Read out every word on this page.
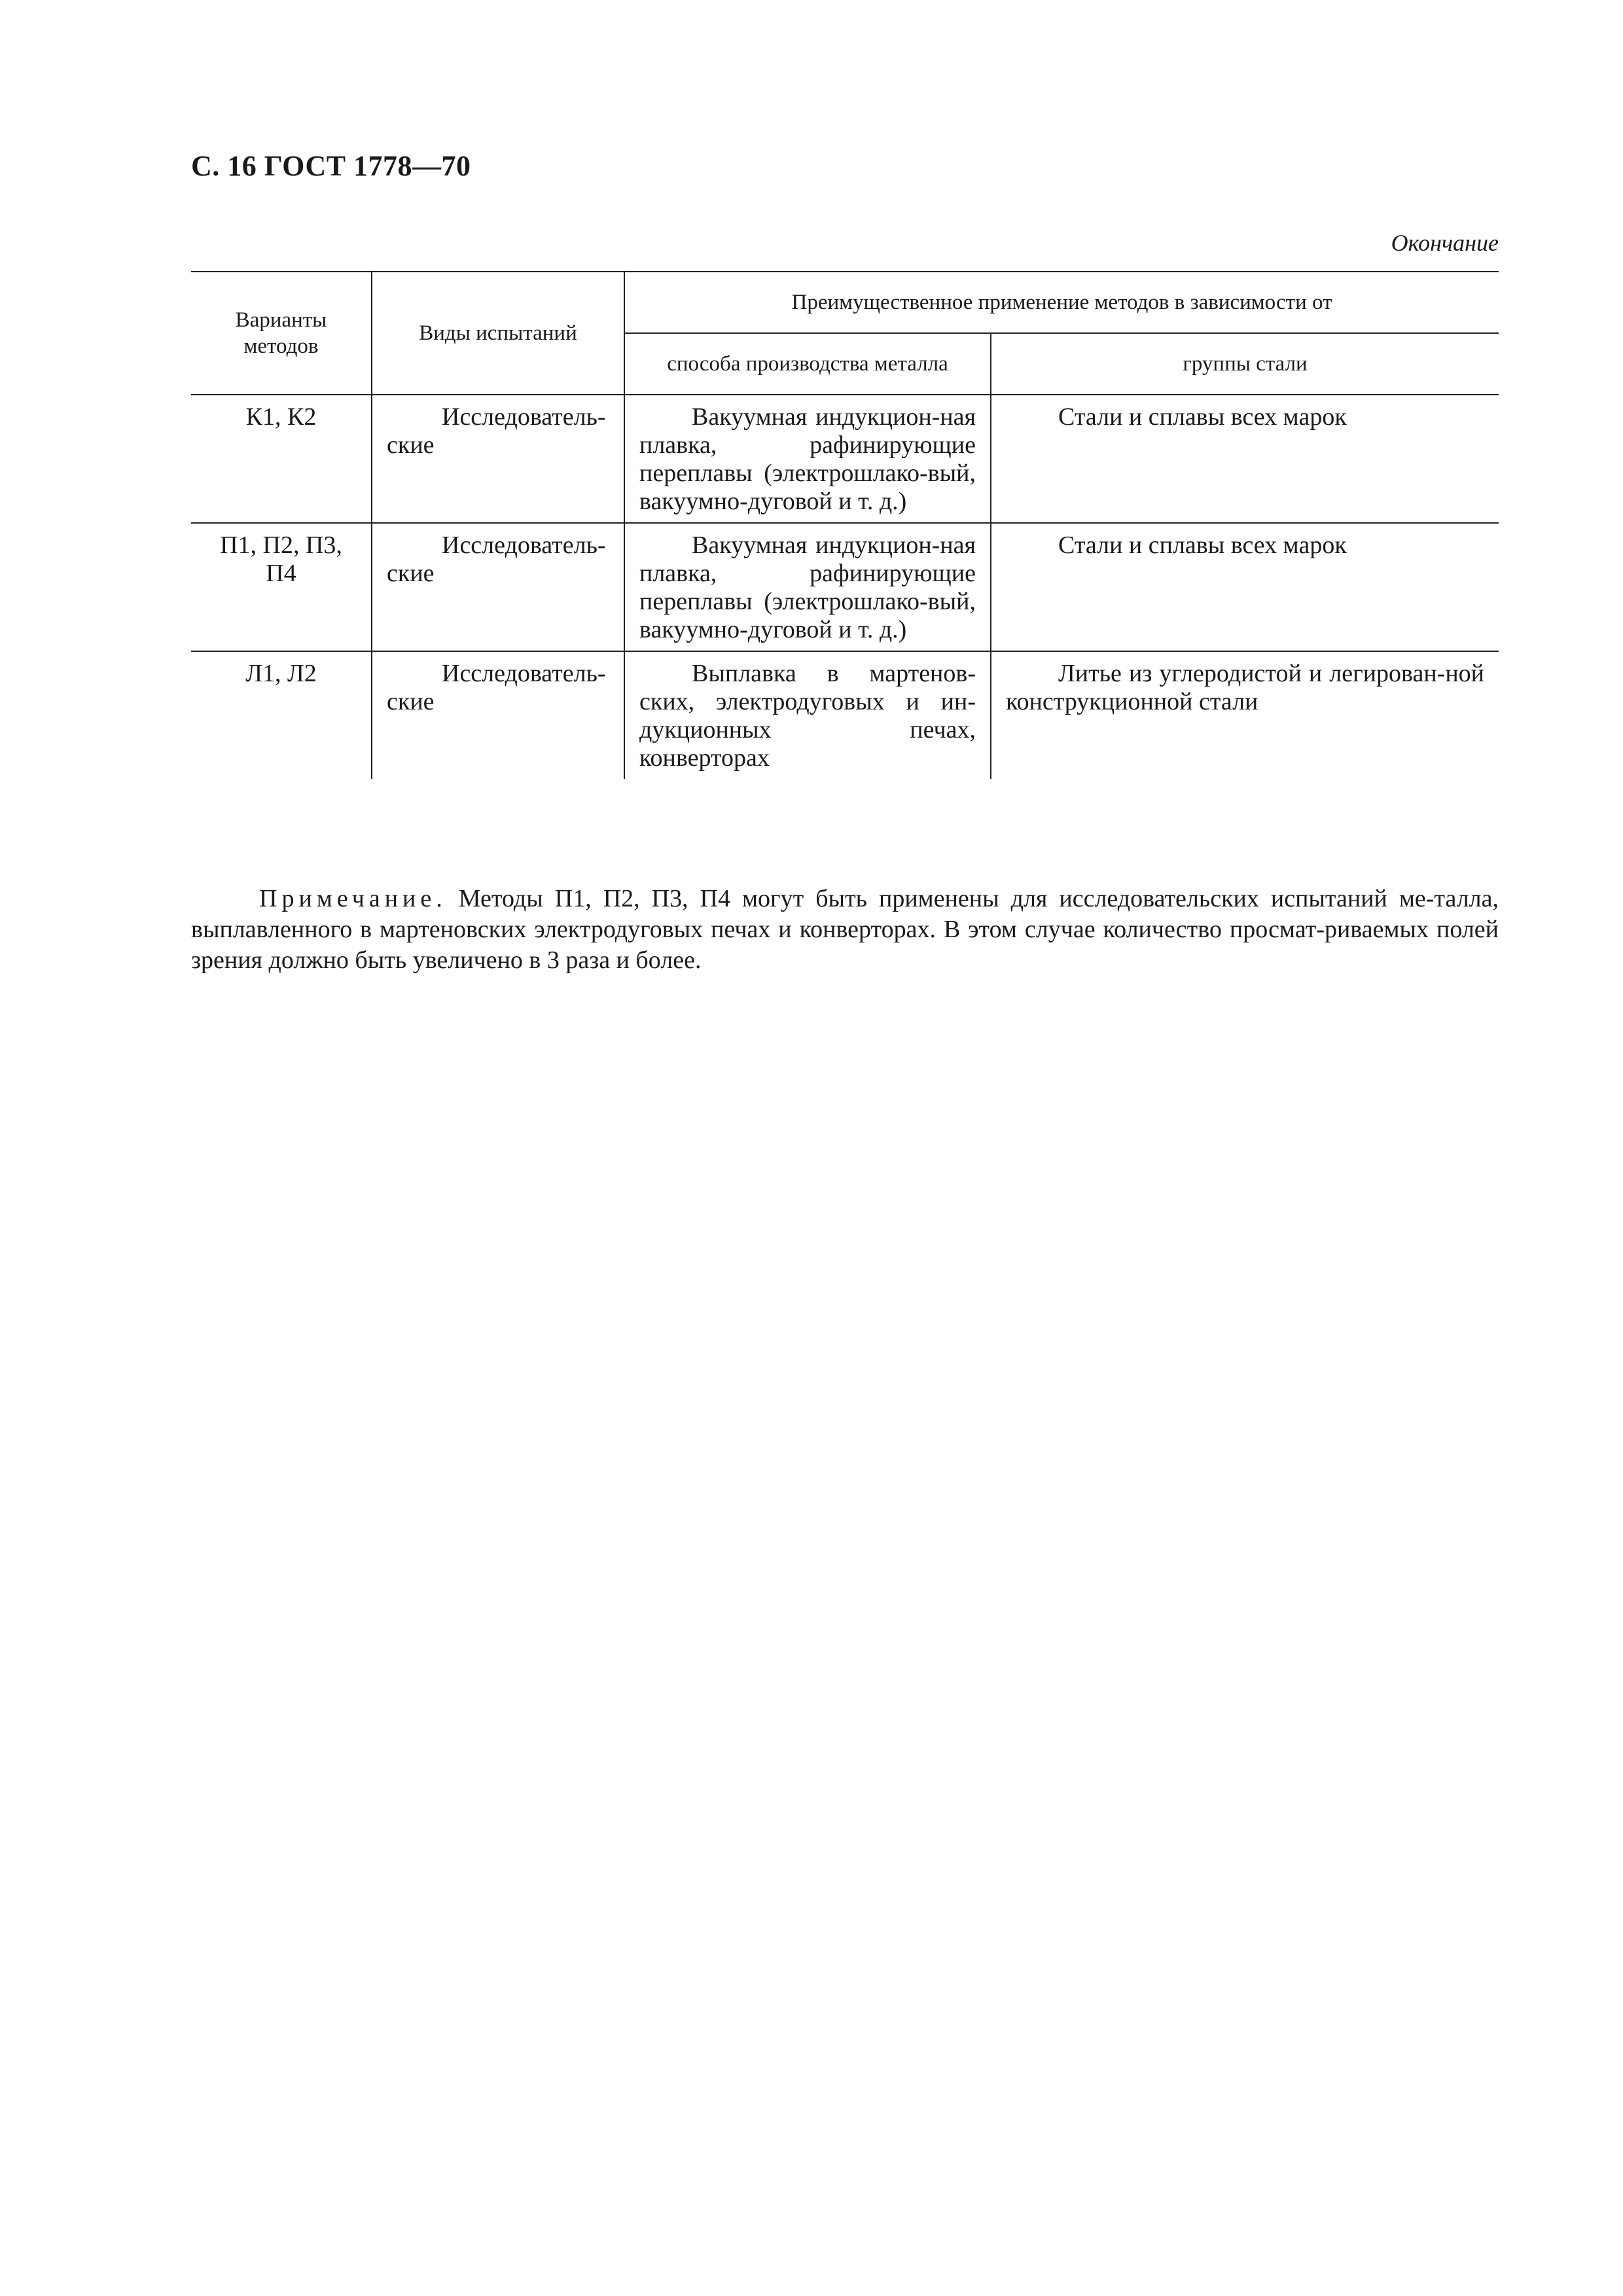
С. 16 ГОСТ 1778—70
Окончание
Варианты методов	Виды испытаний	Преимущественное применение методов в зависимости от	
		способа производства металла	группы стали
К1, К2	Исследователь-ские	Вакуумная индукцион-ная плавка, рафинирующие переплавы (электрошлако-вый, вакуумно-дуговой и т. д.)	Стали и сплавы всех марок
П1, П2, П3, П4	Исследователь-ские	Вакуумная индукцион-ная плавка, рафинирующие переплавы (электрошлако-вый, вакуумно-дуговой и т. д.)	Стали и сплавы всех марок
Л1, Л2	Исследователь-ские	Выплавка в мартенов-ских, электродуговых и ин-дукционных печах, конверторах	Литье из углеродистой и легирован-ной конструкционной стали

Примечание. Методы П1, П2, П3, П4 могут быть применены для исследовательских испытаний ме-талла, выплавленного в мартеновских электродуговых печах и конверторах. В этом случае количество просмат-риваемых полей зрения должно быть увеличено в 3 раза и более.
